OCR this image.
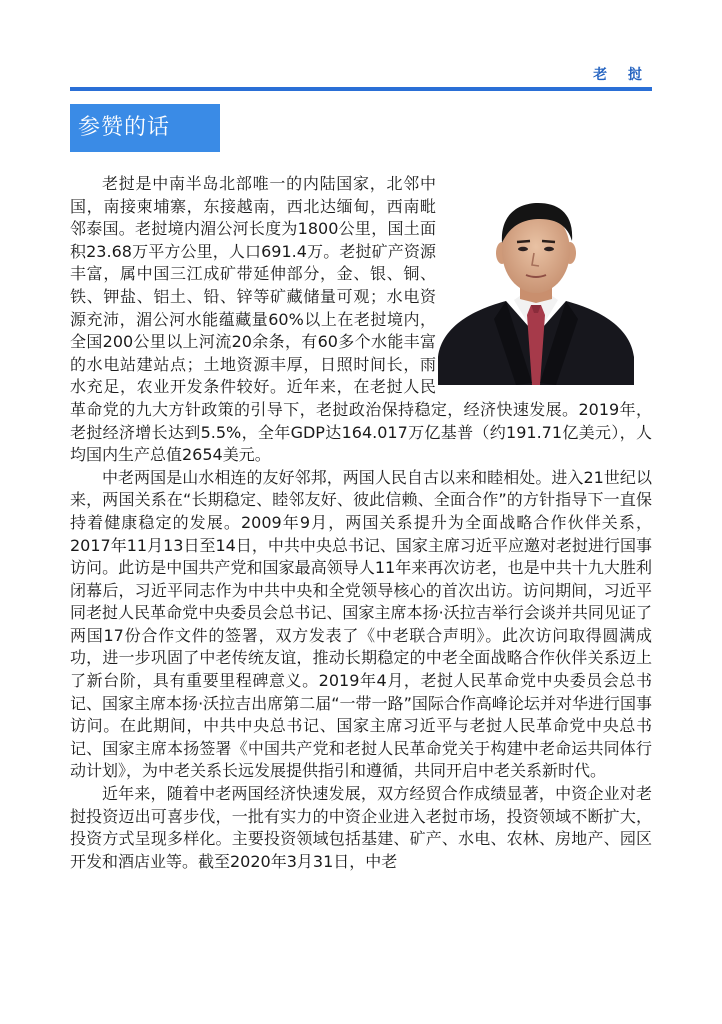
老 挝
参赞的话

老挝是中南半岛北部唯一的内陆国家，北邻中国，南接柬埔寨，东接越南，西北达缅甸，西南毗邻泰国。老挝境内湄公河长度为1800公里，国土面积23.68万平方公里，人口691.4万。老挝矿产资源丰富，属中国三江成矿带延伸部分，金、银、铜、铁、钾盐、铝土、铅、锌等矿藏储量可观；水电资源充沛，湄公河水能蕴藏量60%以上在老挝境内，全国200公里以上河流20余条，有60多个水能丰富的水电站建站点；土地资源丰厚，日照时间长，雨水充足，农业开发条件较好。近年来，在老挝人民革命党的九大方针政策的引导下，老挝政治保持稳定，经济快速发展。2019年，老挝经济增长达到5.5%，全年GDP达164.017万亿基普（约191.71亿美元），人均国内生产总值2654美元。

中老两国是山水相连的友好邻邦，两国人民自古以来和睦相处。进入21世纪以来，两国关系在“长期稳定、睦邻友好、彼此信赖、全面合作”的方针指导下一直保持着健康稳定的发展。2009年9月，两国关系提升为全面战略合作伙伴关系，2017年11月13日至14日，中共中央总书记、国家主席习近平应邀对老挝进行国事访问。此访是中国共产党和国家最高领导人11年来再次访老，也是中共十九大胜利闭幕后，习近平同志作为中共中央和全党领导核心的首次出访。访问期间，习近平同老挝人民革命党中央委员会总书记、国家主席本扬·沃拉吉举行会谈并共同见证了两国17份合作文件的签署，双方发表了《中老联合声明》。此次访问取得圆满成功，进一步巩固了中老传统友谊，推动长期稳定的中老全面战略合作伙伴关系迈上了新台阶，具有重要里程碑意义。2019年4月，老挝人民革命党中央委员会总书记、国家主席本扬·沃拉吉出席第二届“一带一路”国际合作高峰论坛并对华进行国事访问。在此期间，中共中央总书记、国家主席习近平与老挝人民革命党中央总书记、国家主席本扬签署《中国共产党和老挝人民革命党关于构建中老命运共同体行动计划》，为中老关系长远发展提供指引和遵循，共同开启中老关系新时代。

近年来，随着中老两国经济快速发展，双方经贸合作成绩显著，中资企业对老挝投资迈出可喜步伐，一批有实力的中资企业进入老挝市场，投资领域不断扩大，投资方式呈现多样化。主要投资领域包括基建、矿产、水电、农林、房地产、园区开发和酒店业等。截至2020年3月31日，中老
